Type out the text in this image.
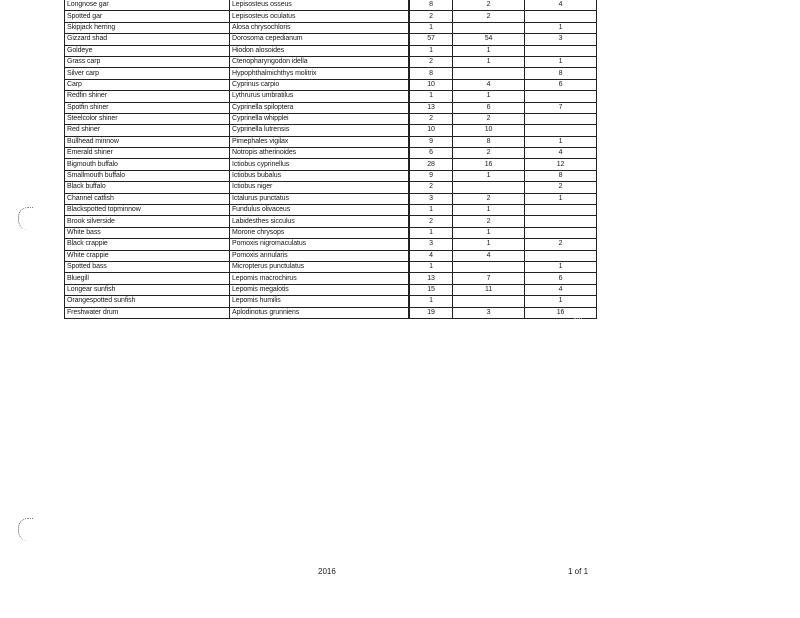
Longnose gar	Lepisosteus osseus	8	2	4
Spotted gar	Lepisosteus oculatus	2	2	
Skipjack herring	Alosa chrysochloris	1		1
Gizzard shad	Dorosoma cepedianum	57	54	3
Goldeye	Hiodon alosoides	1	1	
Grass carp	Ctenopharyngodon idella	2	1	1
Silver carp	Hypophthalmichthys molitrix	8		8
Carp	Cyprinus carpio	10	4	6
Redfin shiner	Lythrurus umbratilus	1	1	
Spotfin shiner	Cyprinella spiloptera	13	6	7
Steelcolor shiner	Cyprinella whipplei	2	2	
Red shiner	Cyprinella lutrensis	10	10	
Bullhead minnow	Pimephales vigilax	9	8	1
Emerald shiner	Notropis atherinoides	6	2	4
Bigmouth buffalo	Ictiobus cyprinellus	28	16	12
Smallmouth buffalo	Ictiobus bubalus	9	1	8
Black buffalo	Ictiobus niger	2		2
Channel catfish	Ictalurus punctatus	3	2	1
Blackspotted topminnow	Fundulus olivaceus	1	1	
Brook silverside	Labidesthes sicculus	2	2	
White bass	Morone chrysops	1	1	
Black crappie	Pomoxis nigromaculatus	3	1	2
White crappie	Pomoxis annularis	4	4	
Spotted bass	Micropterus punctulatus	1		1
Bluegill	Lepomis macrochirus	13	7	6
Longear sunfish	Lepomis megalotis	15	11	4
Orangespotted sunfish	Lepomis humilis	1		1
Freshwater drum	Aplodinotus grunniens	19	3	16
2016	1 of 1
